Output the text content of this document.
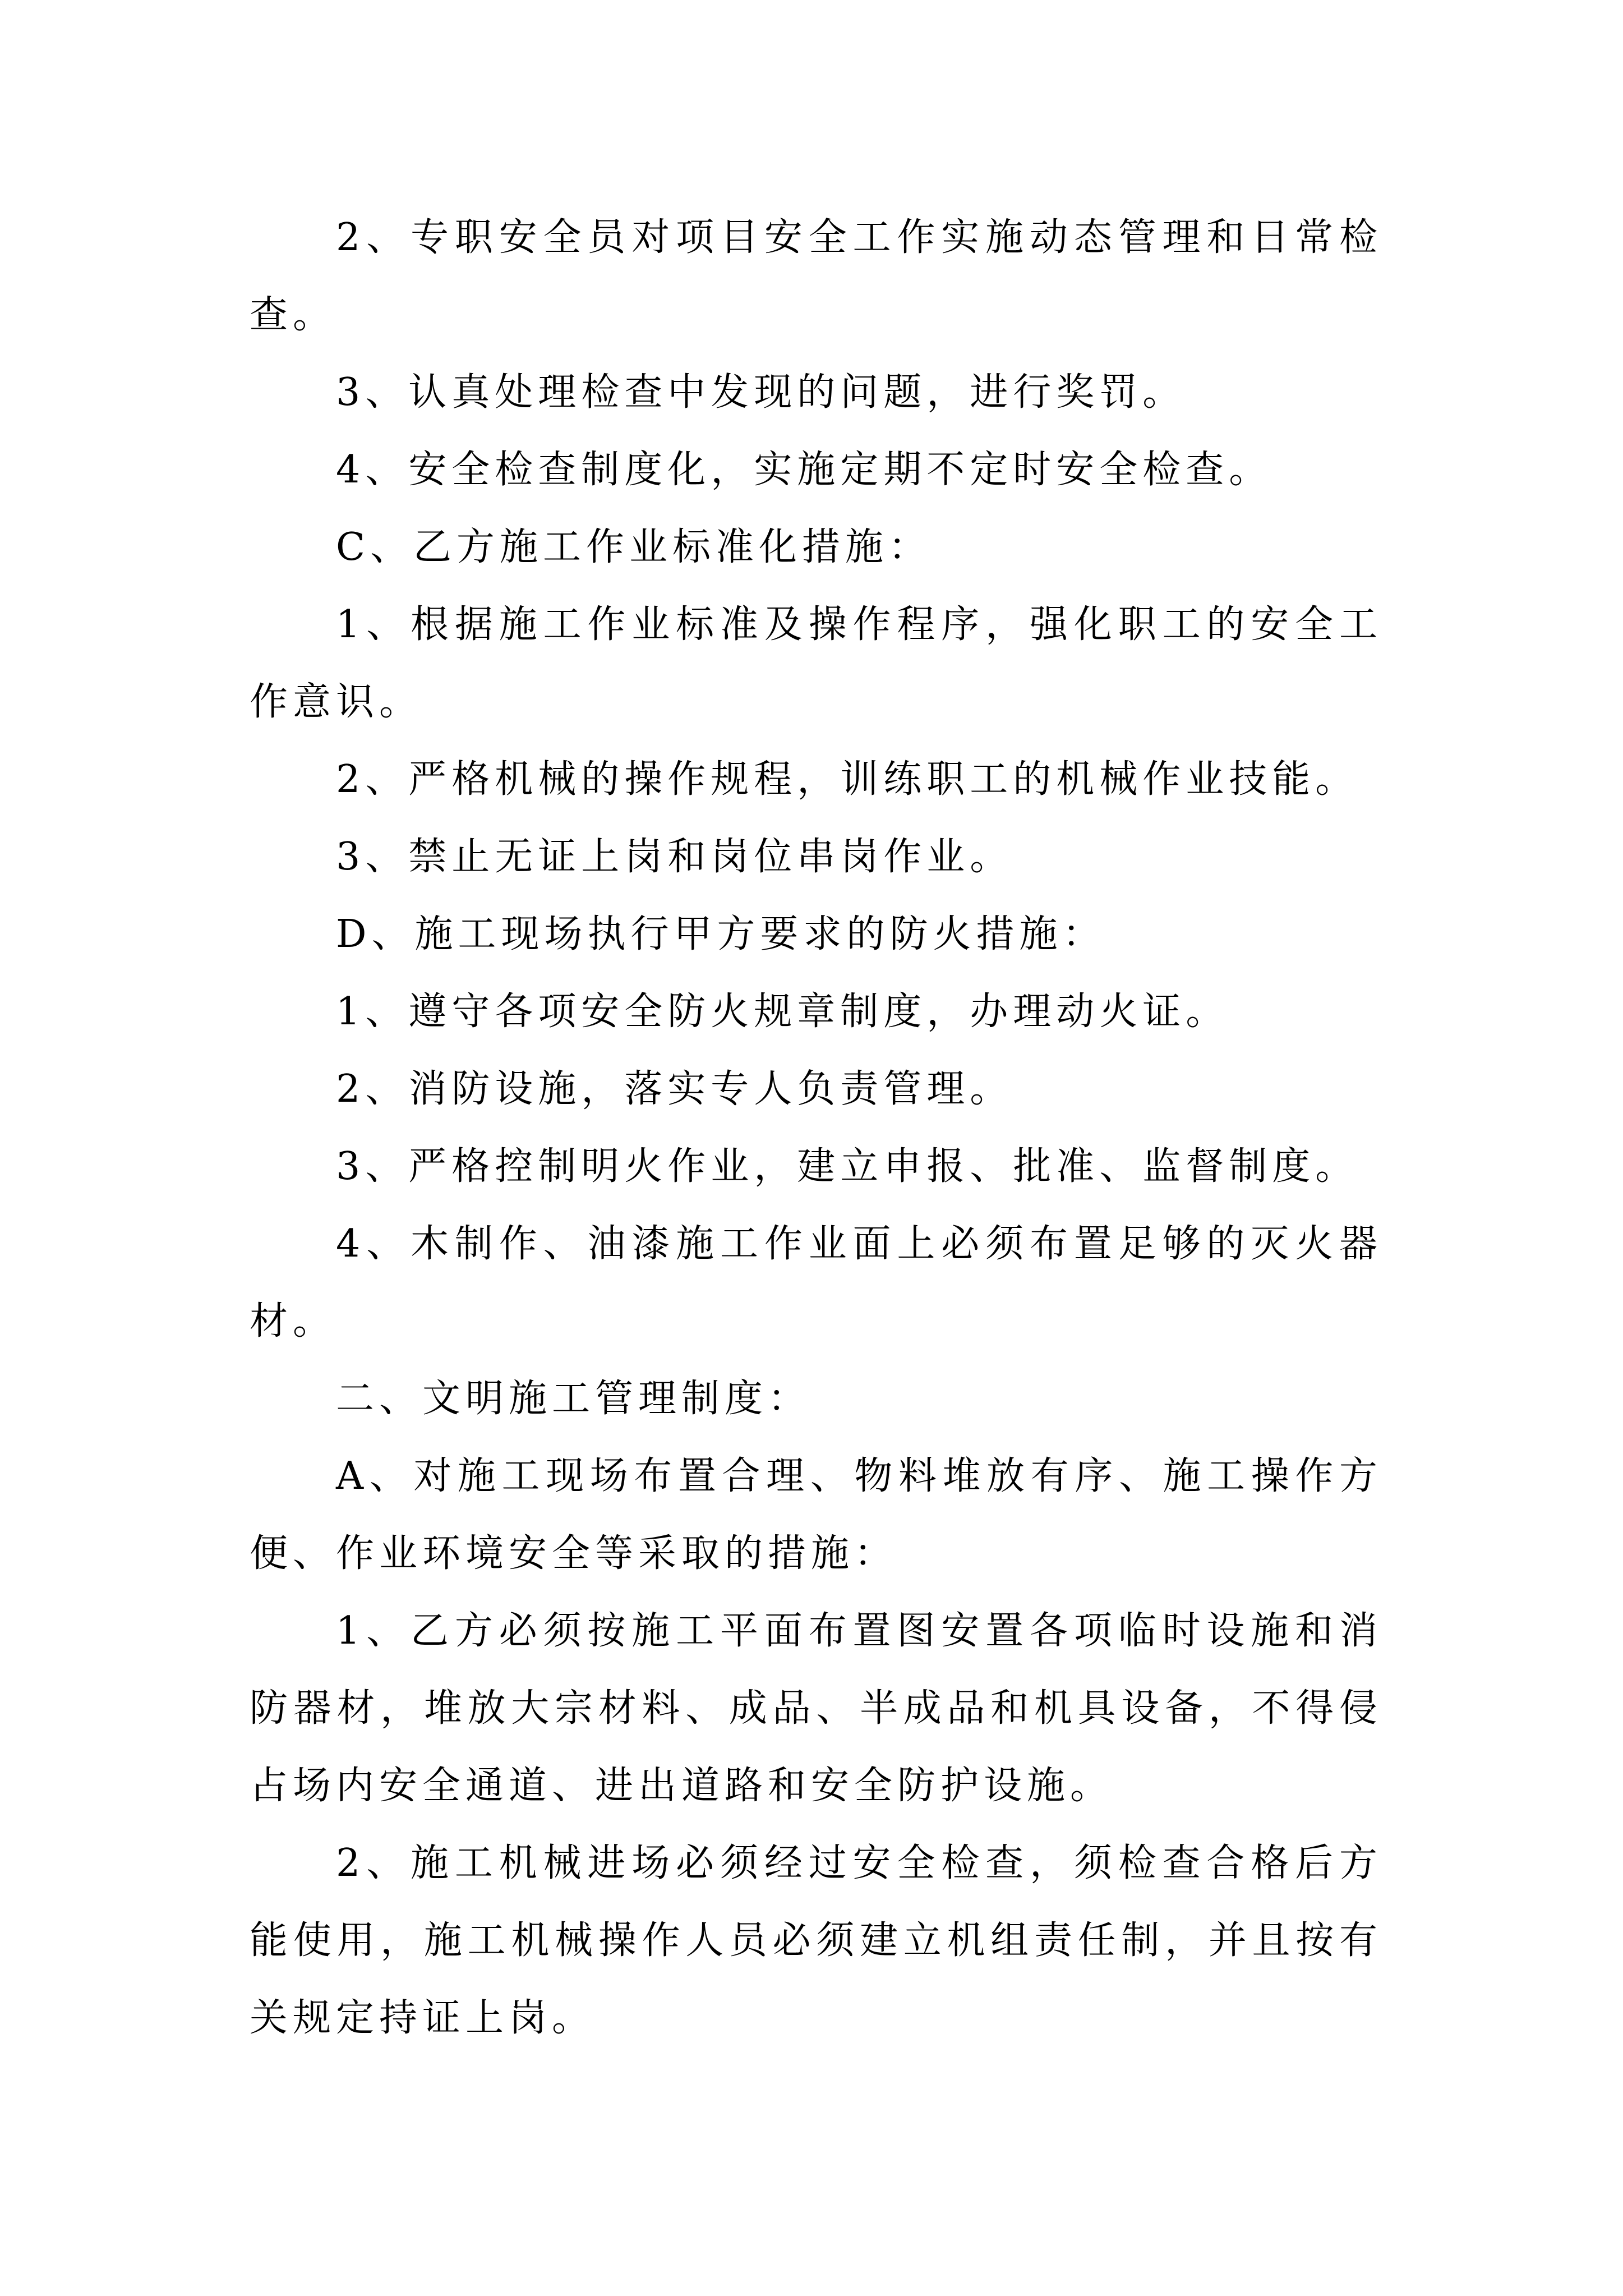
2、专职安全员对项目安全工作实施动态管理和日常检查。

3、认真处理检查中发现的问题，进行奖罚。

4、安全检查制度化，实施定期不定时安全检查。

C、乙方施工作业标准化措施：

1、根据施工作业标准及操作程序，强化职工的安全工作意识。

2、严格机械的操作规程，训练职工的机械作业技能。

3、禁止无证上岗和岗位串岗作业。

D、施工现场执行甲方要求的防火措施：

1、遵守各项安全防火规章制度，办理动火证。

2、消防设施，落实专人负责管理。

3、严格控制明火作业，建立申报、批准、监督制度。

4、木制作、油漆施工作业面上必须布置足够的灭火器材。

二、文明施工管理制度：

A、对施工现场布置合理、物料堆放有序、施工操作方便、作业环境安全等采取的措施：

1、乙方必须按施工平面布置图安置各项临时设施和消防器材，堆放大宗材料、成品、半成品和机具设备，不得侵占场内安全通道、进出道路和安全防护设施。

2、施工机械进场必须经过安全检查，须检查合格后方能使用，施工机械操作人员必须建立机组责任制，并且按有关规定持证上岗。
